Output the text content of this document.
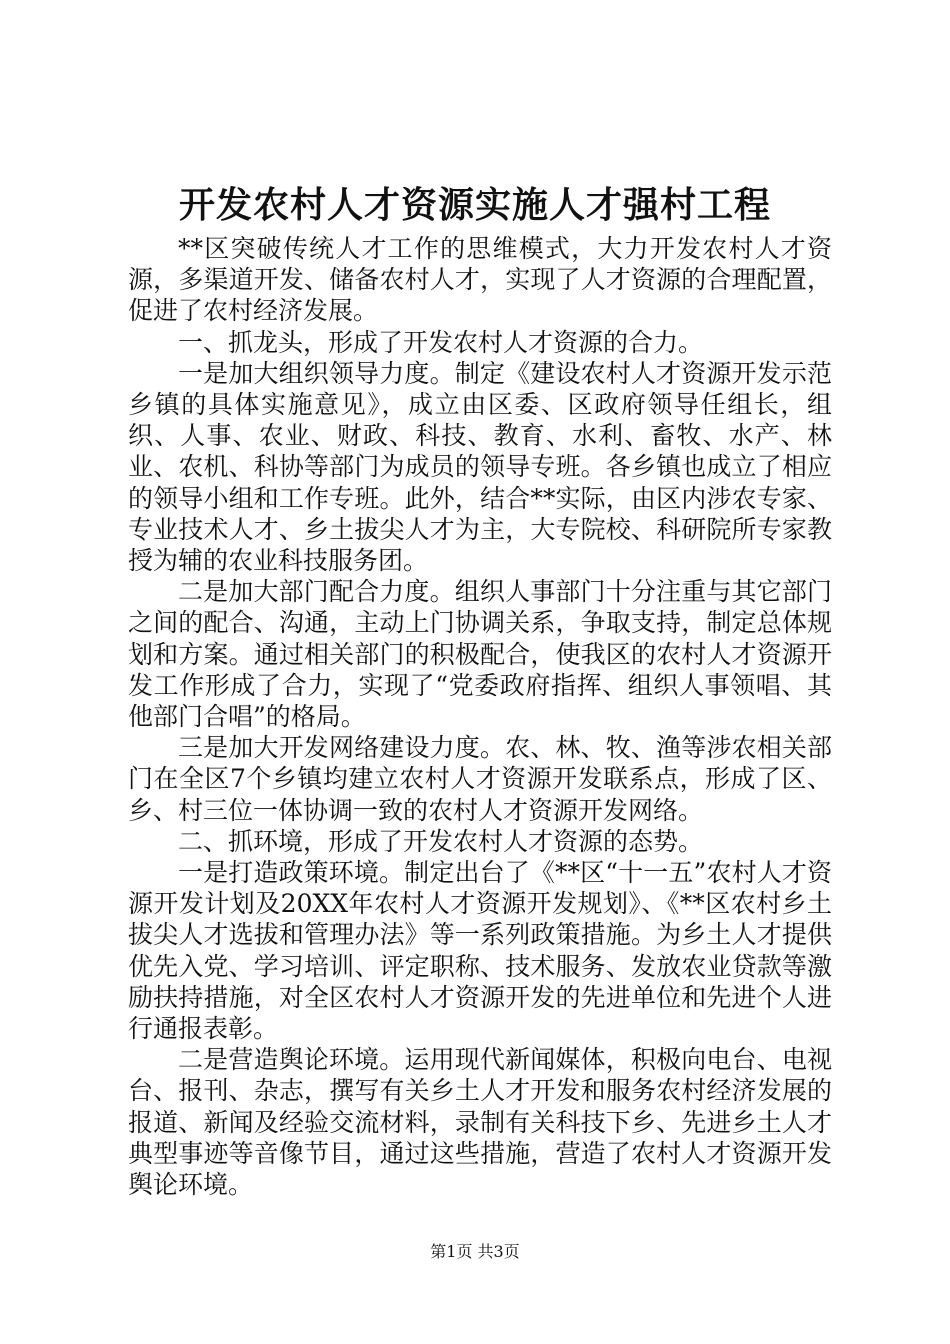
开发农村人才资源实施人才强村工程

**区突破传统人才工作的思维模式，大力开发农村人才资源，多渠道开发、储备农村人才，实现了人才资源的合理配置，促进了农村经济发展。

一、抓龙头，形成了开发农村人才资源的合力。

一是加大组织领导力度。制定《建设农村人才资源开发示范乡镇的具体实施意见》，成立由区委、区政府领导任组长，组织、人事、农业、财政、科技、教育、水利、畜牧、水产、林业、农机、科协等部门为成员的领导专班。各乡镇也成立了相应的领导小组和工作专班。此外，结合**实际，由区内涉农专家、专业技术人才、乡土拔尖人才为主，大专院校、科研院所专家教授为辅的农业科技服务团。

二是加大部门配合力度。组织人事部门十分注重与其它部门之间的配合、沟通，主动上门协调关系，争取支持，制定总体规划和方案。通过相关部门的积极配合，使我区的农村人才资源开发工作形成了合力，实现了“党委政府指挥、组织人事领唱、其他部门合唱”的格局。

三是加大开发网络建设力度。农、林、牧、渔等涉农相关部门在全区7个乡镇均建立农村人才资源开发联系点，形成了区、乡、村三位一体协调一致的农村人才资源开发网络。

二、抓环境，形成了开发农村人才资源的态势。

一是打造政策环境。制定出台了《**区“十一五”农村人才资源开发计划及20XX年农村人才资源开发规划》、《**区农村乡土拔尖人才选拔和管理办法》等一系列政策措施。为乡土人才提供优先入党、学习培训、评定职称、技术服务、发放农业贷款等激励扶持措施，对全区农村人才资源开发的先进单位和先进个人进行通报表彰。

二是营造舆论环境。运用现代新闻媒体，积极向电台、电视台、报刊、杂志，撰写有关乡土人才开发和服务农村经济发展的报道、新闻及经验交流材料，录制有关科技下乡、先进乡土人才典型事迹等音像节目，通过这些措施，营造了农村人才资源开发舆论环境。

第1页 共3页
